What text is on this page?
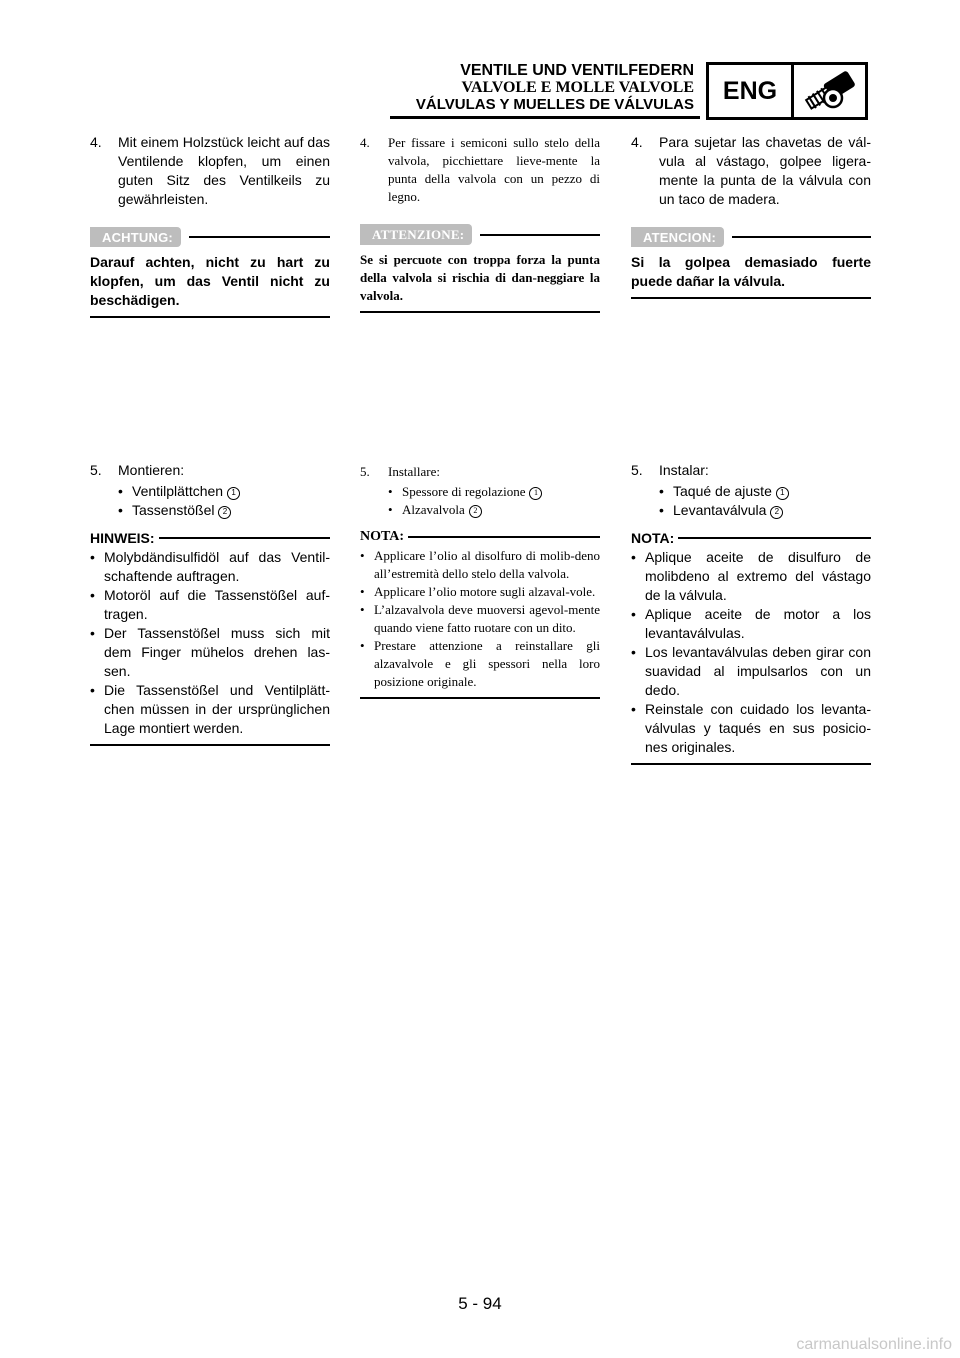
VENTILE UND VENTILFEDERN
VALVOLE E MOLLE VALVOLE
VÁLVULAS Y MUELLES DE VÁLVULAS	ENG
4.	Mit einem Holzstück leicht auf das Ventilende klopfen, um einen guten Sitz des Ventilkeils zu gewährleisten.
ACHTUNG:
Darauf achten, nicht zu hart zu klopfen, um das Ventil nicht zu beschädigen.
5.	Montieren:
• Ventilplättchen 1
• Tassenstößel 2
HINWEIS:
• Molybdändisulfidöl auf das Ventil-schaftende auftragen.
• Motoröl auf die Tassenstößel auf-tragen.
• Der Tassenstößel muss sich mit dem Finger mühelos drehen las-sen.
• Die Tassenstößel und Ventilplätt-chen müssen in der ursprünglichen Lage montiert werden.
4.	Per fissare i semiconi sullo stelo della valvola, picchiettare lieve-mente la punta della valvola con un pezzo di legno.
ATTENZIONE:
Se si percuote con troppa forza la punta della valvola si rischia di dan-neggiare la valvola.
5.	Installare:
• Spessore di regolazione 1
• Alzavalvola 2
NOTA:
• Applicare l’olio al disolfuro di molib-deno all’estremità dello stelo della valvola.
• Applicare l’olio motore sugli alzaval-vole.
• L’alzavalvola deve muoversi agevol-mente quando viene fatto ruotare con un dito.
• Prestare attenzione a reinstallare gli alzavalvole e gli spessori nella loro posizione originale.
4.	Para sujetar las chavetas de vál-vula al vástago, golpee ligera-mente la punta de la válvula con un taco de madera.
ATENCION:
Si la golpea demasiado fuerte puede dañar la válvula.
5.	Instalar:
• Taqué de ajuste 1
• Levantaválvula 2
NOTA:
• Aplique aceite de disulfuro de molibdeno al extremo del vástago de la válvula.
• Aplique aceite de motor a los levantaválvulas.
• Los levantaválvulas deben girar con suavidad al impulsarlos con un dedo.
• Reinstale con cuidado los levanta-válvulas y taqués en sus posicio-nes originales.
5 - 94
carmanualsonline.info
